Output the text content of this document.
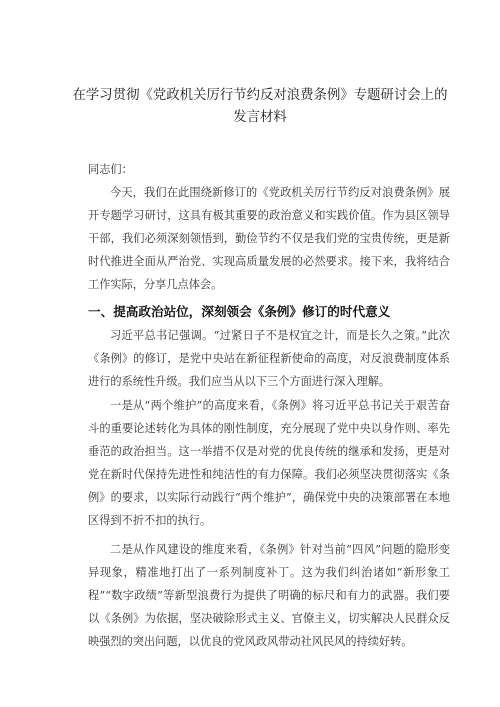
在学习贯彻《党政机关厉行节约反对浪费条例》专题研讨会上的发言材料

同志们：

今天，我们在此围绕新修订的《党政机关厉行节约反对浪费条例》展开专题学习研讨，这具有极其重要的政治意义和实践价值。作为县区领导干部，我们必须深刻领悟到，勤俭节约不仅是我们党的宝贵传统，更是新时代推进全面从严治党、实现高质量发展的必然要求。接下来，我将结合工作实际，分享几点体会。

一、提高政治站位，深刻领会《条例》修订的时代意义

习近平总书记强调。“过紧日子不是权宜之计，而是长久之策。”此次《条例》的修订，是党中央站在新征程新使命的高度，对反浪费制度体系进行的系统性升级。我们应当从以下三个方面进行深入理解。

一是从“两个维护”的高度来看，《条例》将习近平总书记关于艰苦奋斗的重要论述转化为具体的刚性制度，充分展现了党中央以身作则、率先垂范的政治担当。这一举措不仅是对党的优良传统的继承和发扬，更是对党在新时代保持先进性和纯洁性的有力保障。我们必须坚决贯彻落实《条例》的要求，以实际行动践行“两个维护”，确保党中央的决策部署在本地区得到不折不扣的执行。

二是从作风建设的维度来看，《条例》针对当前“四风”问题的隐形变异现象，精准地打出了一系列制度补丁。这为我们纠治诸如“新形象工程”“数字政绩”等新型浪费行为提供了明确的标尺和有力的武器。我们要以《条例》为依据，坚决破除形式主义、官僚主义，切实解决人民群众反映强烈的突出问题，以优良的党风政风带动社风民风的持续好转。
